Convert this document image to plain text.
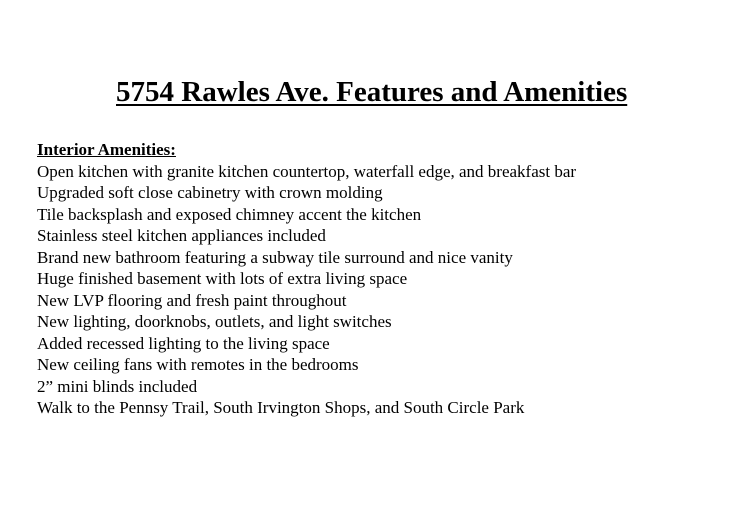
5754 Rawles Ave. Features and Amenities
Interior Amenities:
Open kitchen with granite kitchen countertop, waterfall edge, and breakfast bar
Upgraded soft close cabinetry with crown molding
Tile backsplash and exposed chimney accent the kitchen
Stainless steel kitchen appliances included
Brand new bathroom featuring a subway tile surround and nice vanity
Huge finished basement with lots of extra living space
New LVP flooring and fresh paint throughout
New lighting, doorknobs, outlets, and light switches
Added recessed lighting to the living space
New ceiling fans with remotes in the bedrooms
2” mini blinds included
Walk to the Pennsy Trail, South Irvington Shops, and South Circle Park
